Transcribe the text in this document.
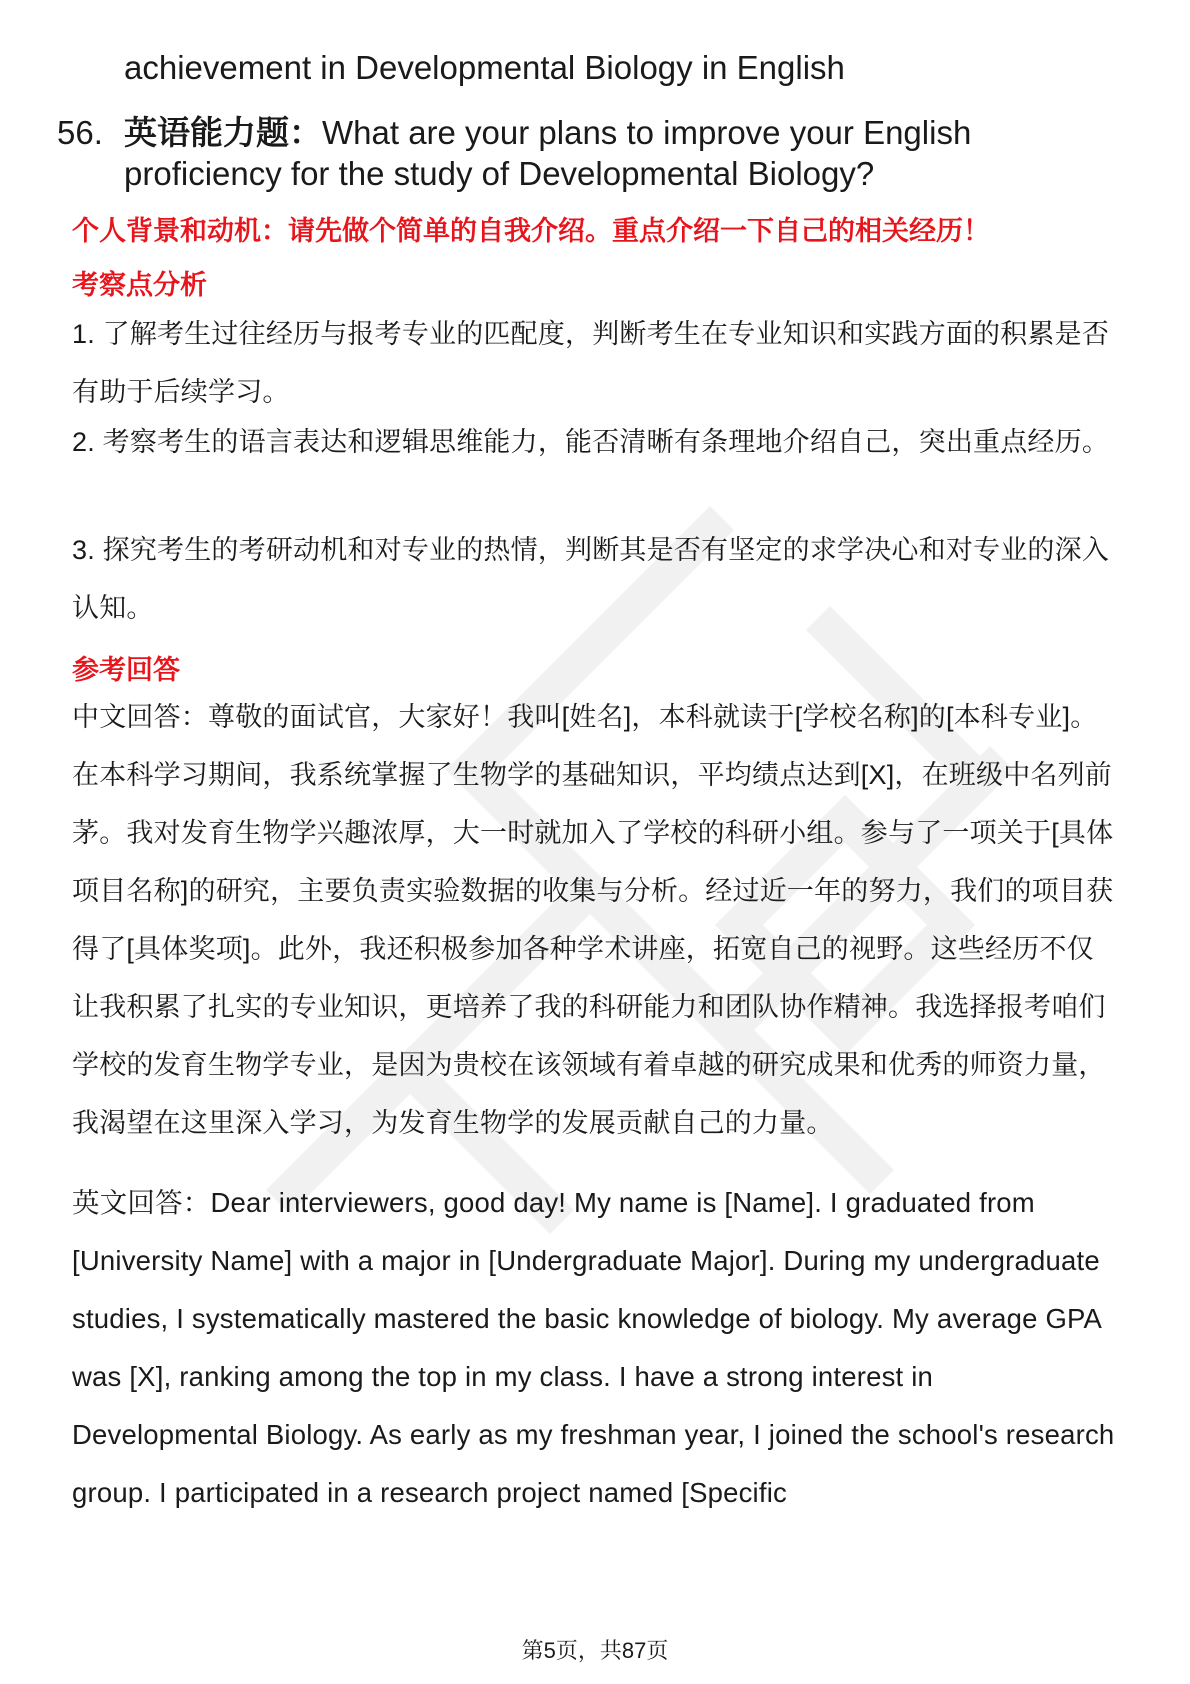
achievement in Developmental Biology in English
56. 英语能力题：What are your plans to improve your English proficiency for the study of Developmental Biology?
个人背景和动机：请先做个简单的自我介绍。重点介绍一下自己的相关经历！
考察点分析
1. 了解考生过往经历与报考专业的匹配度，判断考生在专业知识和实践方面的积累是否有助于后续学习。
2. 考察考生的语言表达和逻辑思维能力，能否清晰有条理地介绍自己，突出重点经历。
3. 探究考生的考研动机和对专业的热情，判断其是否有坚定的求学决心和对专业的深入认知。
参考回答
中文回答：尊敬的面试官，大家好！我叫[姓名]，本科就读于[学校名称]的[本科专业]。在本科学习期间，我系统掌握了生物学的基础知识，平均绩点达到[X]，在班级中名列前茅。我对发育生物学兴趣浓厚，大一时就加入了学校的科研小组。参与了一项关于[具体项目名称]的研究，主要负责实验数据的收集与分析。经过近一年的努力，我们的项目获得了[具体奖项]。此外，我还积极参加各种学术讲座，拓宽自己的视野。这些经历不仅让我积累了扎实的专业知识，更培养了我的科研能力和团队协作精神。我选择报考咱们学校的发育生物学专业，是因为贵校在该领域有着卓越的研究成果和优秀的师资力量，我渴望在这里深入学习，为发育生物学的发展贡献自己的力量。
英文回答：Dear interviewers, good day! My name is [Name]. I graduated from [University Name] with a major in [Undergraduate Major]. During my undergraduate studies, I systematically mastered the basic knowledge of biology. My average GPA was [X], ranking among the top in my class. I have a strong interest in Developmental Biology. As early as my freshman year, I joined the school's research group. I participated in a research project named [Specific
第5页，共87页
